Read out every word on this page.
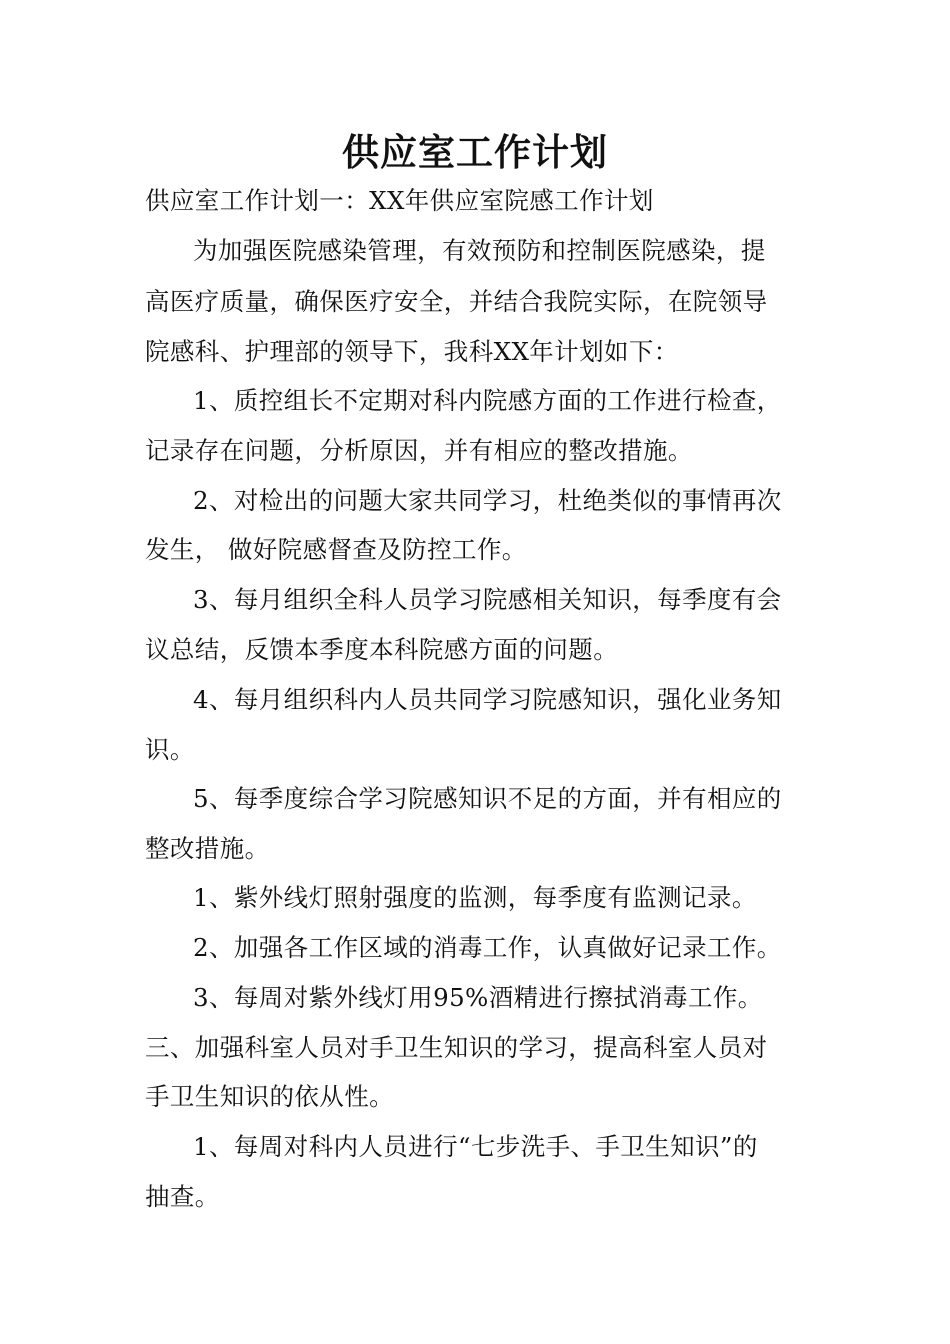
供应室工作计划
供应室工作计划一：XX年供应室院感工作计划
为加强医院感染管理，有效预防和控制医院感染，提
高医疗质量，确保医疗安全，并结合我院实际，在院领导
院感科、护理部的领导下，我科XX年计划如下：
1、质控组长不定期对科内院感方面的工作进行检查，
记录存在问题，分析原因，并有相应的整改措施。
2、对检出的问题大家共同学习，杜绝类似的事情再次
发生， 做好院感督查及防控工作。
3、每月组织全科人员学习院感相关知识，每季度有会
议总结，反馈本季度本科院感方面的问题。
4、每月组织科内人员共同学习院感知识，强化业务知
识。
5、每季度综合学习院感知识不足的方面，并有相应的
整改措施。
1、紫外线灯照射强度的监测，每季度有监测记录。
2、加强各工作区域的消毒工作，认真做好记录工作。
3、每周对紫外线灯用95%酒精进行擦拭消毒工作。
三、加强科室人员对手卫生知识的学习，提高科室人员对
手卫生知识的依从性。
1、每周对科内人员进行“七步洗手、手卫生知识”的
抽查。
